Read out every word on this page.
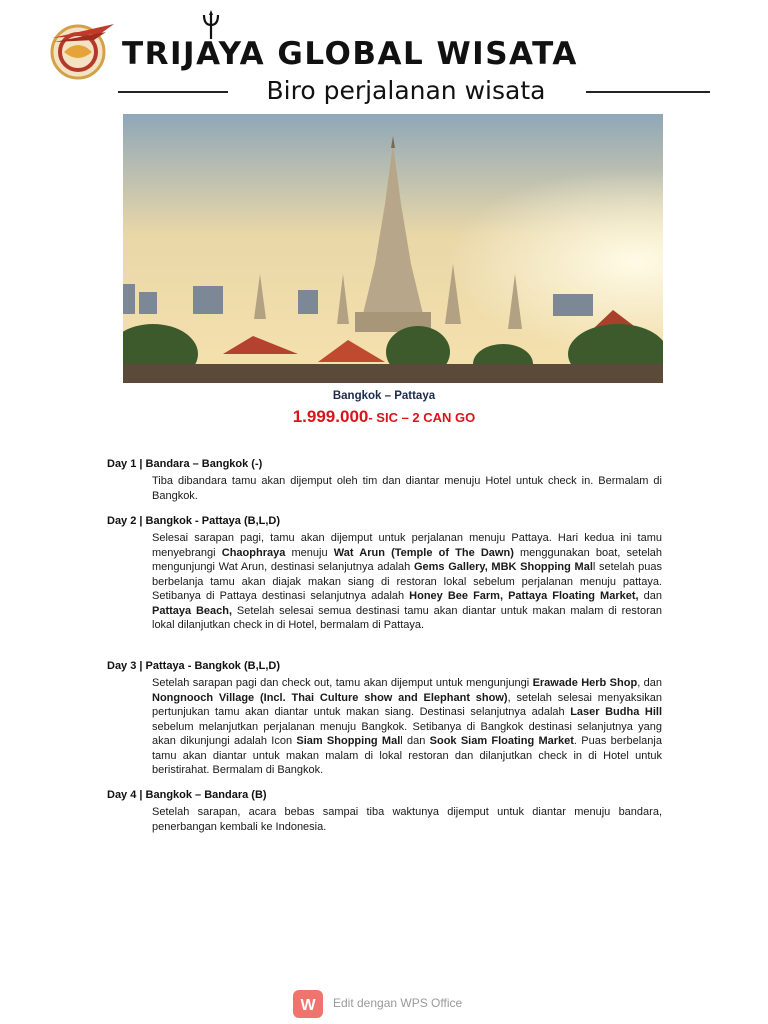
TRIJAYA GLOBAL WISATA
Biro perjalanan wisata
Bangkok – Pattaya
1.999.000- SIC – 2 CAN GO
Day 1 | Bandara – Bangkok (-)
Tiba dibandara tamu akan dijemput oleh tim dan diantar menuju Hotel untuk check in. Bermalam di Bangkok.
Day 2 | Bangkok - Pattaya (B,L,D)
Selesai sarapan pagi, tamu akan dijemput untuk perjalanan menuju Pattaya. Hari kedua ini tamu menyebrangi Chaophraya menuju Wat Arun (Temple of The Dawn) menggunakan boat, setelah mengunjungi Wat Arun, destinasi selanjutnya adalah Gems Gallery, MBK Shopping Mall setelah puas berbelanja tamu akan diajak makan siang di restoran lokal sebelum perjalanan menuju pattaya. Setibanya di Pattaya destinasi selanjutnya adalah Honey Bee Farm, Pattaya Floating Market, dan Pattaya Beach, Setelah selesai semua destinasi tamu akan diantar untuk makan malam di restoran lokal dilanjutkan check in di Hotel, bermalam di Pattaya.
Day 3 | Pattaya - Bangkok (B,L,D)
Setelah sarapan pagi dan check out, tamu akan dijemput untuk mengunjungi Erawade Herb Shop, dan Nongnooch Village (Incl. Thai Culture show and Elephant show), setelah selesai menyaksikan pertunjukan tamu akan diantar untuk makan siang. Destinasi selanjutnya adalah Laser Budha Hill sebelum melanjutkan perjalanan menuju Bangkok. Setibanya di Bangkok destinasi selanjutnya yang akan dikunjungi adalah Icon Siam Shopping Mall dan Sook Siam Floating Market. Puas berbelanja tamu akan diantar untuk makan malam di lokal restoran dan dilanjutkan check in di Hotel untuk beristirahat. Bermalam di Bangkok.
Day 4 | Bangkok – Bandara (B)
Setelah sarapan, acara bebas sampai tiba waktunya dijemput untuk diantar menuju bandara, penerbangan kembali ke Indonesia.
W Edit dengan WPS Office
